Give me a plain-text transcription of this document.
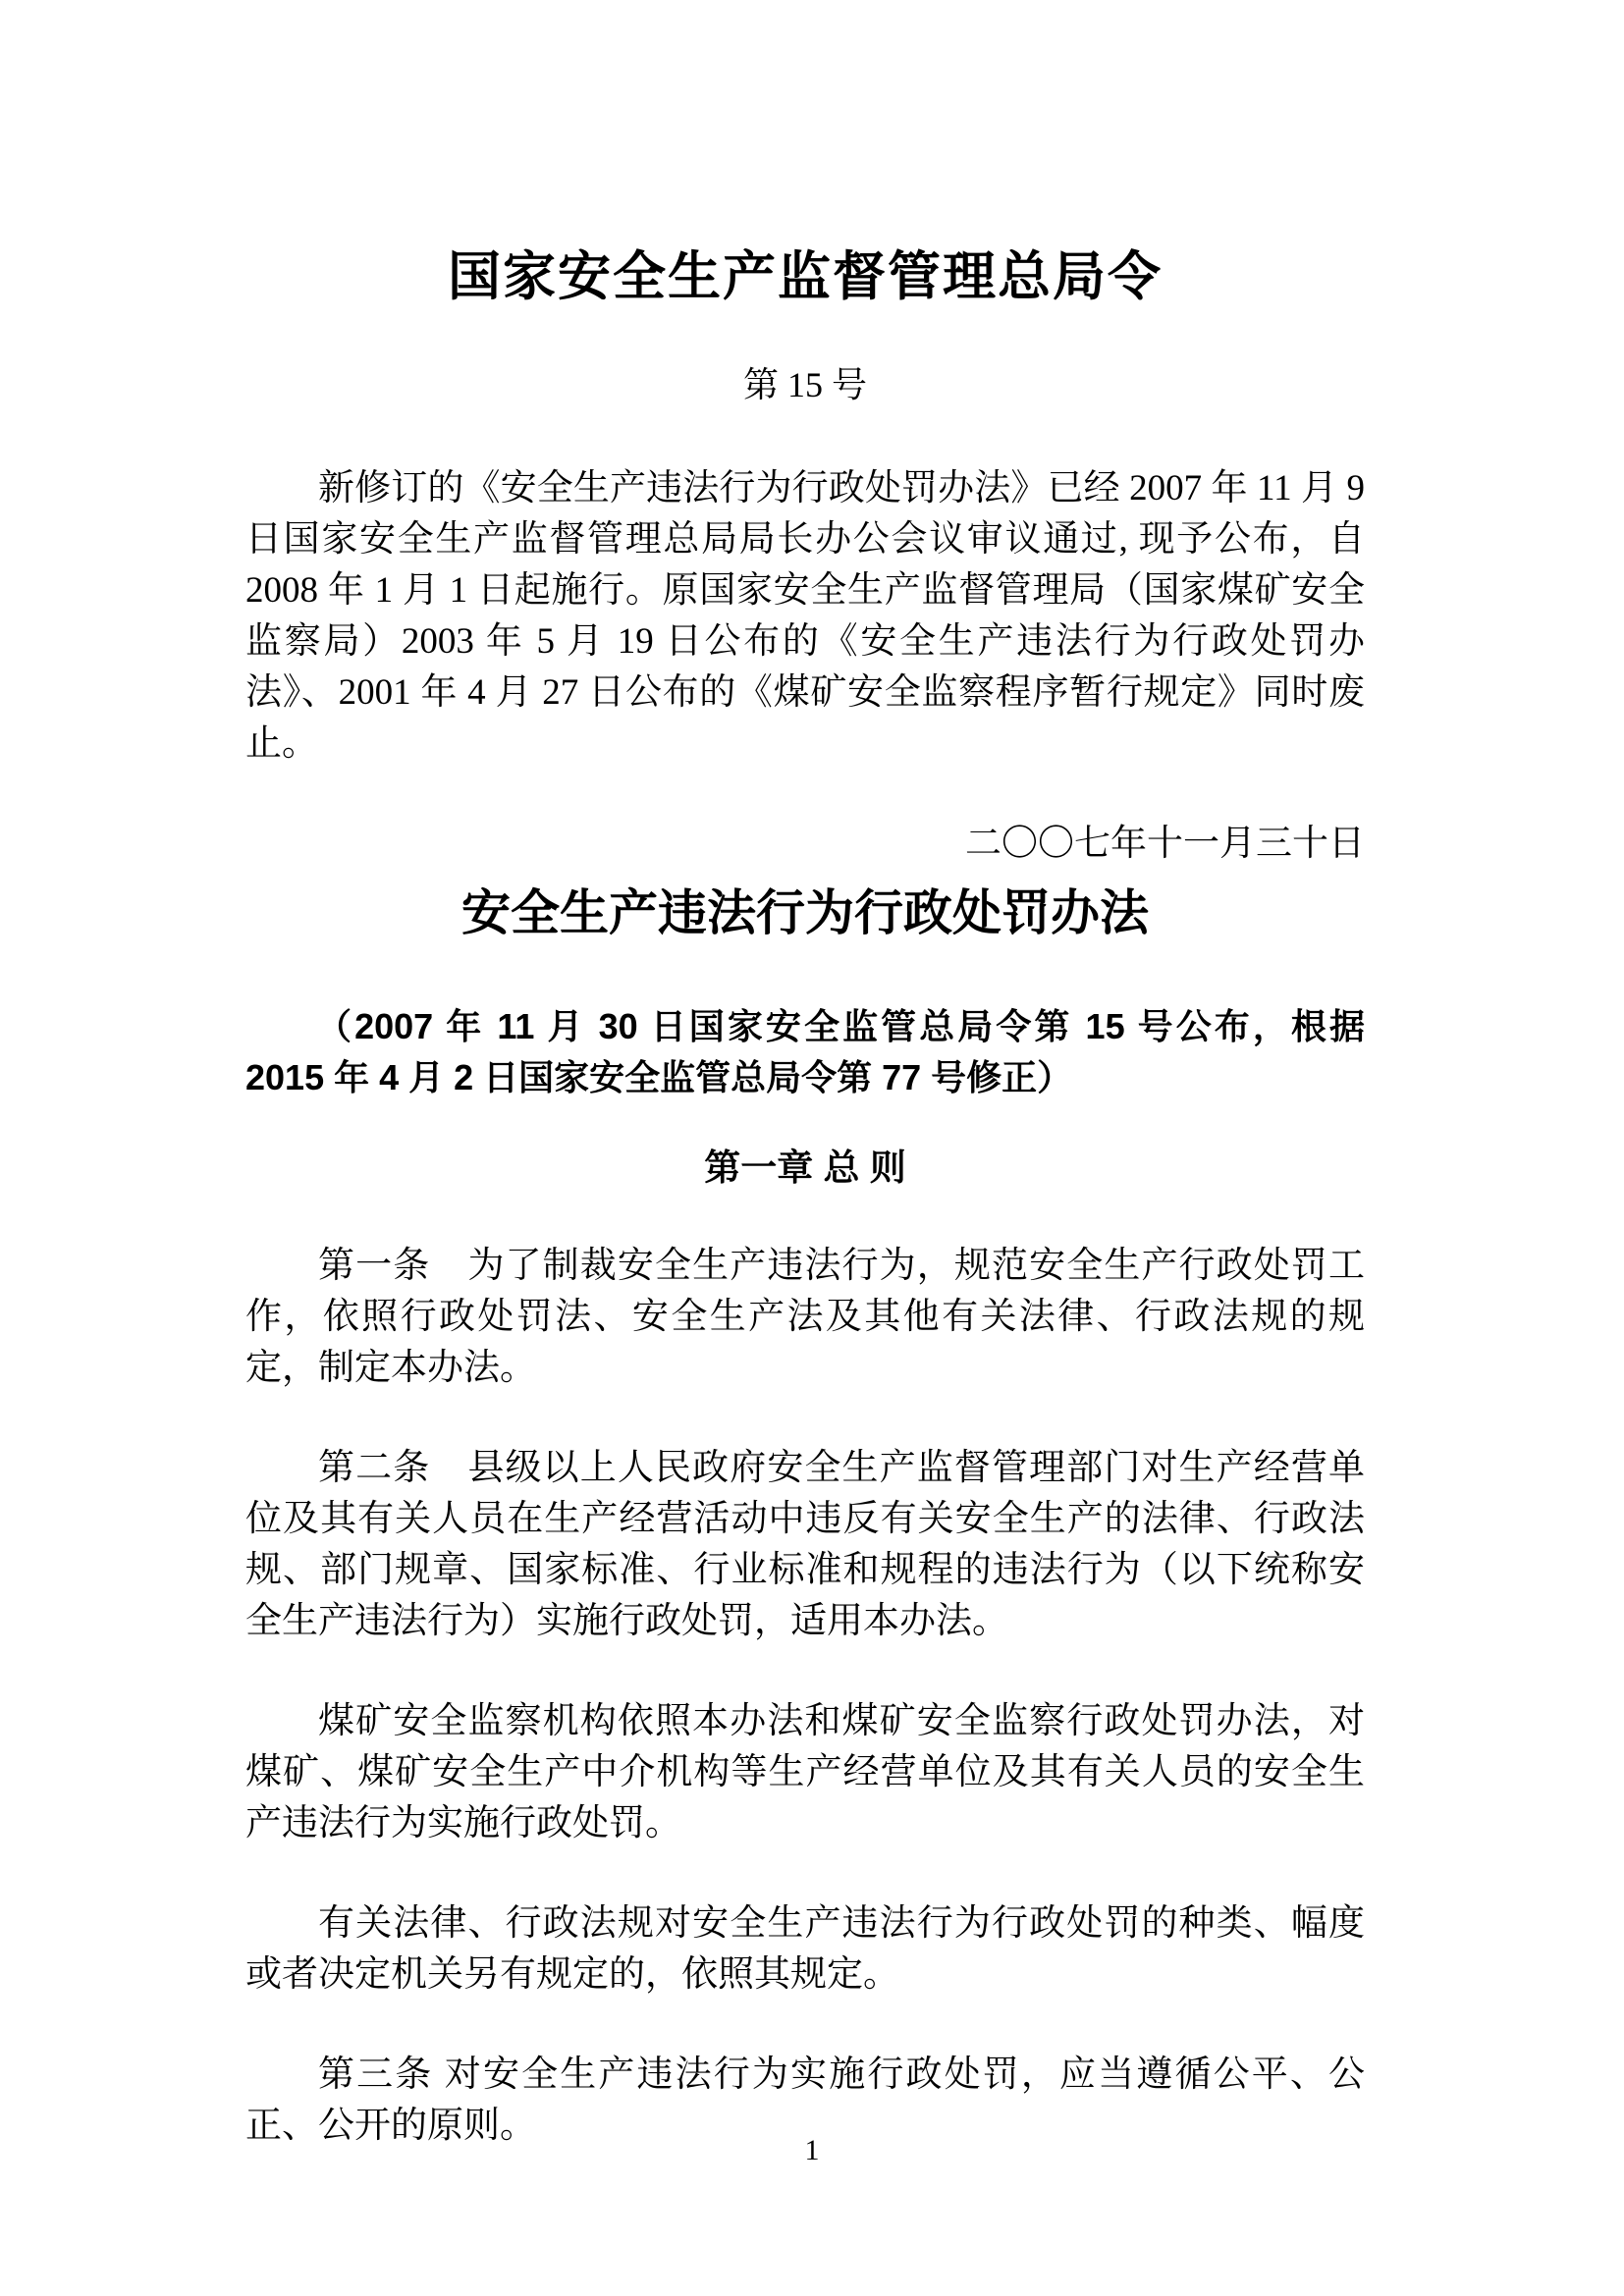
国家安全生产监督管理总局令
第 15 号

新修订的《安全生产违法行为行政处罚办法》已经 2007 年 11 月 9 日国家安全生产监督管理总局局长办公会议审议通过, 现予公布，自 2008 年 1 月 1 日起施行。原国家安全生产监督管理局（国家煤矿安全监察局）2003 年 5 月 19 日公布的《安全生产违法行为行政处罚办法》、2001 年 4 月 27 日公布的《煤矿安全监察程序暂行规定》同时废止。

二〇〇七年十一月三十日
安全生产违法行为行政处罚办法

（2007 年 11 月 30 日国家安全监管总局令第 15 号公布，根据 2015 年 4 月 2 日国家安全监管总局令第 77 号修正）

第一章 总 则

第一条　为了制裁安全生产违法行为，规范安全生产行政处罚工作，依照行政处罚法、安全生产法及其他有关法律、行政法规的规定，制定本办法。

第二条　县级以上人民政府安全生产监督管理部门对生产经营单位及其有关人员在生产经营活动中违反有关安全生产的法律、行政法规、部门规章、国家标准、行业标准和规程的违法行为（以下统称安全生产违法行为）实施行政处罚，适用本办法。

煤矿安全监察机构依照本办法和煤矿安全监察行政处罚办法，对煤矿、煤矿安全生产中介机构等生产经营单位及其有关人员的安全生产违法行为实施行政处罚。

有关法律、行政法规对安全生产违法行为行政处罚的种类、幅度或者决定机关另有规定的，依照其规定。

第三条 对安全生产违法行为实施行政处罚，应当遵循公平、公正、公开的原则。

1
